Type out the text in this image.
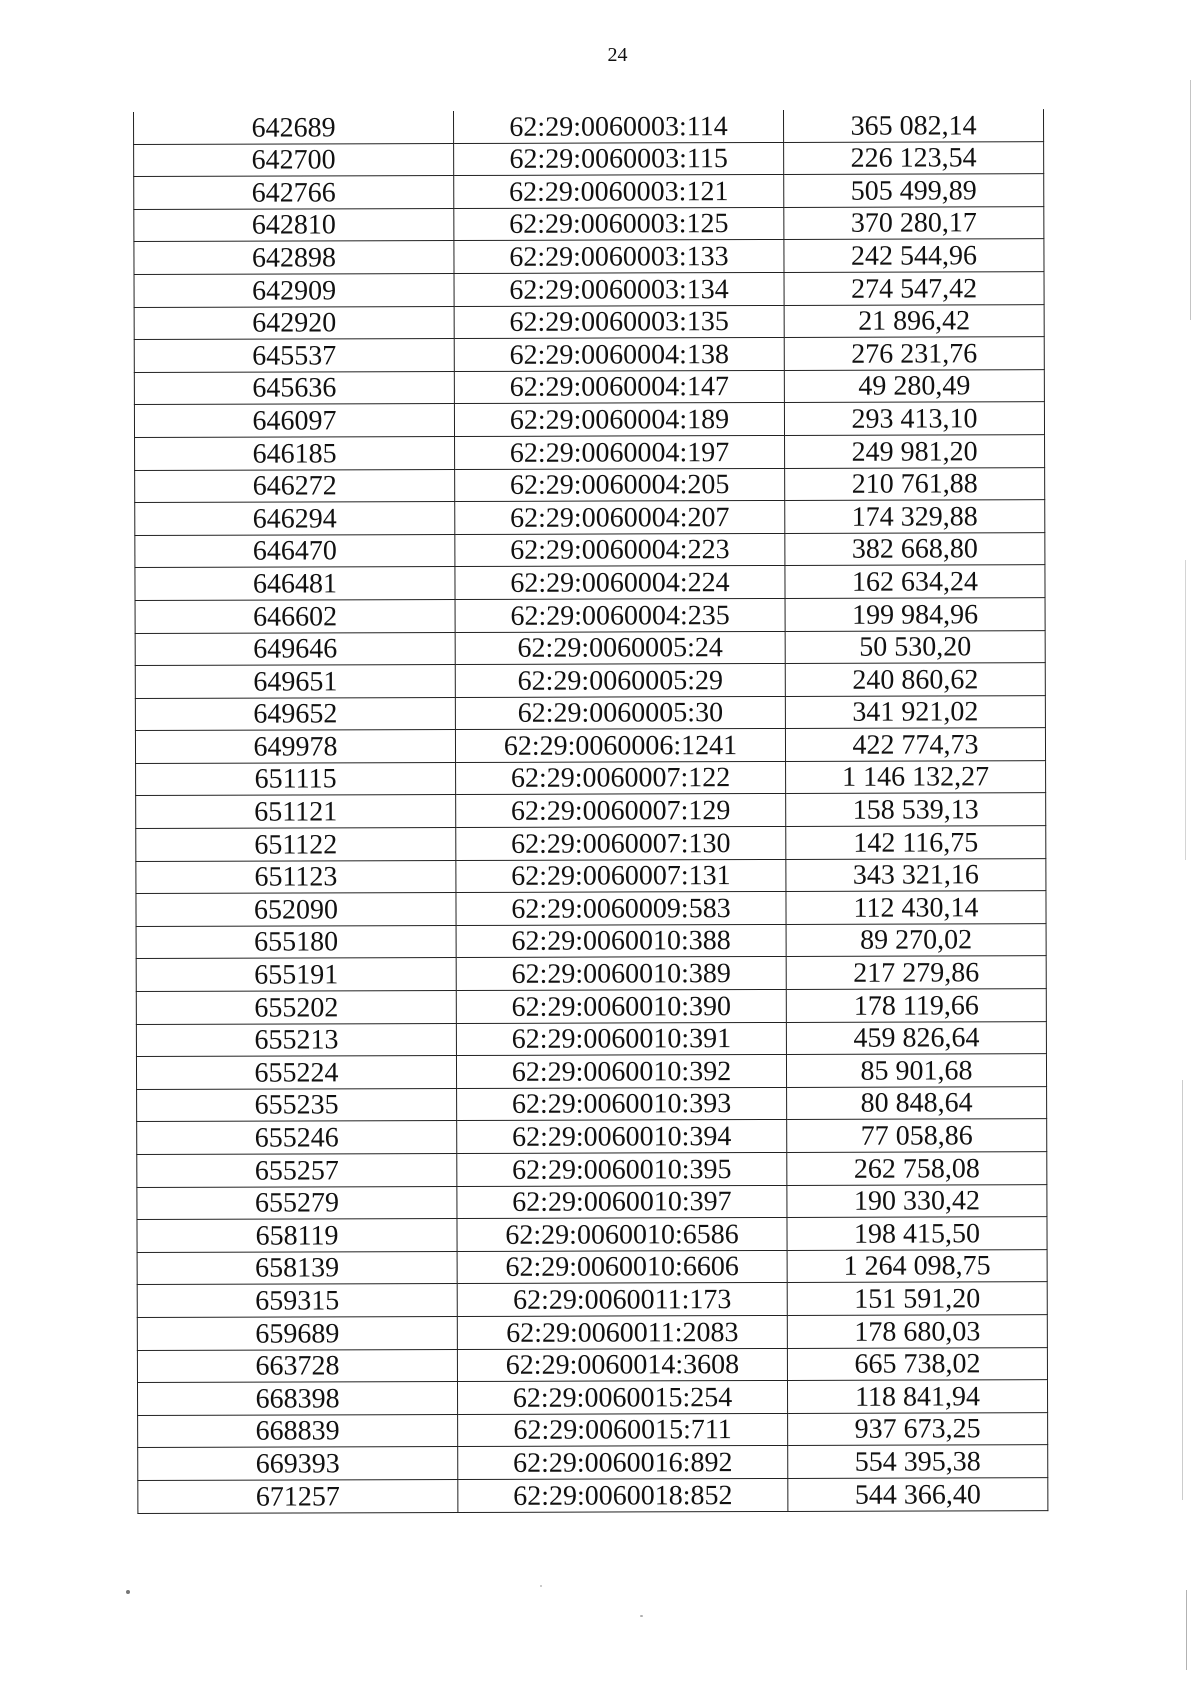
24
642689	62:29:0060003:114	365 082,14
642700	62:29:0060003:115	226 123,54
642766	62:29:0060003:121	505 499,89
642810	62:29:0060003:125	370 280,17
642898	62:29:0060003:133	242 544,96
642909	62:29:0060003:134	274 547,42
642920	62:29:0060003:135	21 896,42
645537	62:29:0060004:138	276 231,76
645636	62:29:0060004:147	49 280,49
646097	62:29:0060004:189	293 413,10
646185	62:29:0060004:197	249 981,20
646272	62:29:0060004:205	210 761,88
646294	62:29:0060004:207	174 329,88
646470	62:29:0060004:223	382 668,80
646481	62:29:0060004:224	162 634,24
646602	62:29:0060004:235	199 984,96
649646	62:29:0060005:24	50 530,20
649651	62:29:0060005:29	240 860,62
649652	62:29:0060005:30	341 921,02
649978	62:29:0060006:1241	422 774,73
651115	62:29:0060007:122	1 146 132,27
651121	62:29:0060007:129	158 539,13
651122	62:29:0060007:130	142 116,75
651123	62:29:0060007:131	343 321,16
652090	62:29:0060009:583	112 430,14
655180	62:29:0060010:388	89 270,02
655191	62:29:0060010:389	217 279,86
655202	62:29:0060010:390	178 119,66
655213	62:29:0060010:391	459 826,64
655224	62:29:0060010:392	85 901,68
655235	62:29:0060010:393	80 848,64
655246	62:29:0060010:394	77 058,86
655257	62:29:0060010:395	262 758,08
655279	62:29:0060010:397	190 330,42
658119	62:29:0060010:6586	198 415,50
658139	62:29:0060010:6606	1 264 098,75
659315	62:29:0060011:173	151 591,20
659689	62:29:0060011:2083	178 680,03
663728	62:29:0060014:3608	665 738,02
668398	62:29:0060015:254	118 841,94
668839	62:29:0060015:711	937 673,25
669393	62:29:0060016:892	554 395,38
671257	62:29:0060018:852	544 366,40
